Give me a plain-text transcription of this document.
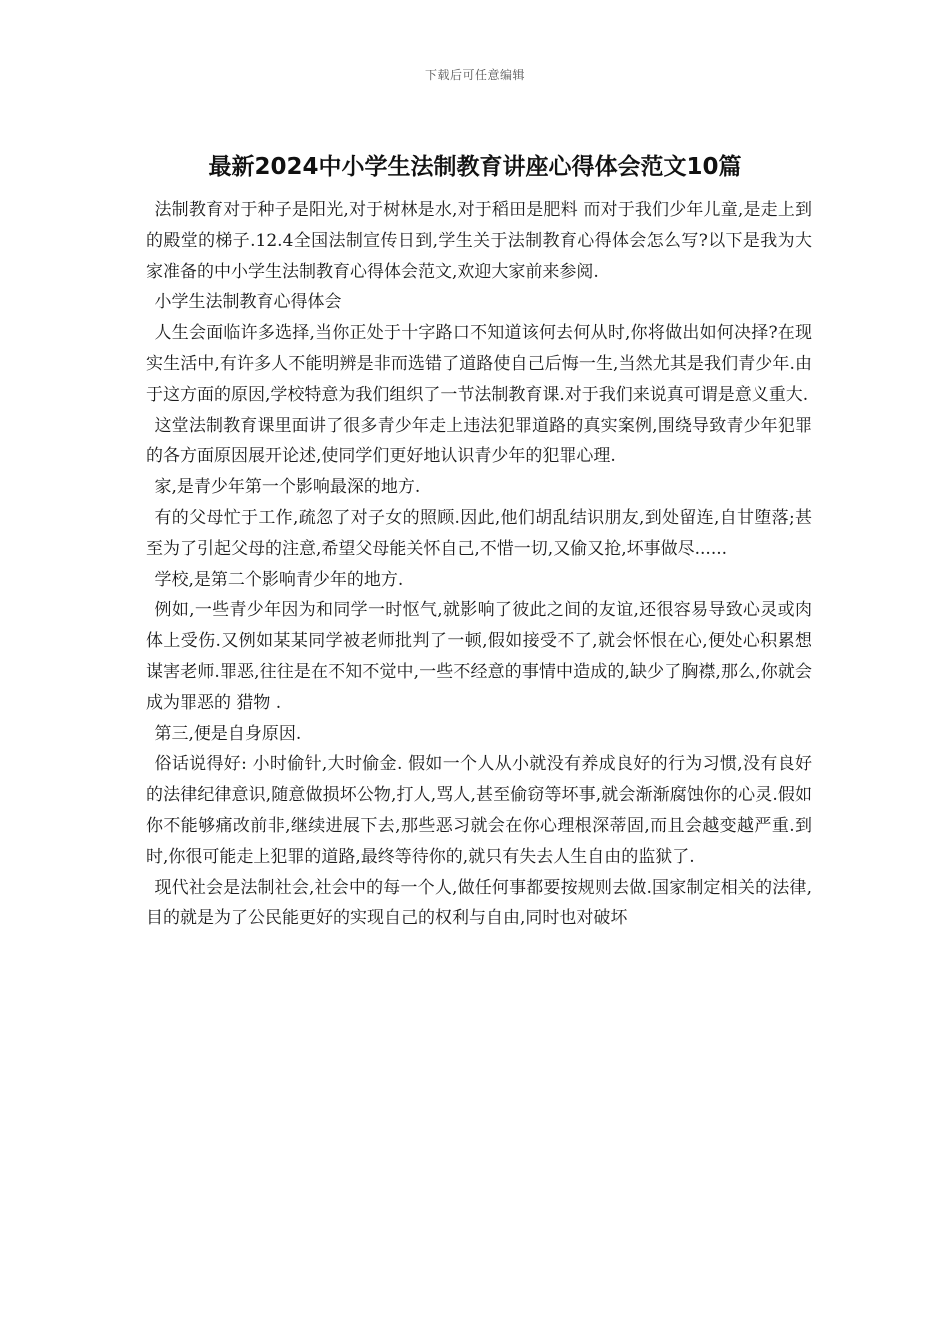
下载后可任意编辑
最新2024中小学生法制教育讲座心得体会范文10篇

法制教育对于种子是阳光,对于树林是水,对于稻田是肥料 而对于我们少年儿童,是走上到的殿堂的梯子.12.4全国法制宣传日到,学生关于法制教育心得体会怎么写?以下是我为大家准备的中小学生法制教育心得体会范文,欢迎大家前来参阅.

小学生法制教育心得体会

人生会面临许多选择,当你正处于十字路口不知道该何去何从时,你将做出如何决择?在现实生活中,有许多人不能明辨是非而选错了道路使自己后悔一生,当然尤其是我们青少年.由于这方面的原因,学校特意为我们组织了一节法制教育课.对于我们来说真可谓是意义重大.

这堂法制教育课里面讲了很多青少年走上违法犯罪道路的真实案例,围绕导致青少年犯罪的各方面原因展开论述,使同学们更好地认识青少年的犯罪心理.

家,是青少年第一个影响最深的地方.

有的父母忙于工作,疏忽了对子女的照顾.因此,他们胡乱结识朋友,到处留连,自甘堕落;甚至为了引起父母的注意,希望父母能关怀自己,不惜一切,又偷又抢,坏事做尽......

学校,是第二个影响青少年的地方.

例如,一些青少年因为和同学一时怄气,就影响了彼此之间的友谊,还很容易导致心灵或肉体上受伤.又例如某某同学被老师批判了一顿,假如接受不了,就会怀恨在心,便处心积累想谋害老师.罪恶,往往是在不知不觉中,一些不经意的事情中造成的,缺少了胸襟,那么,你就会成为罪恶的 猎物 .

第三,便是自身原因.

俗话说得好: 小时偷针,大时偷金. 假如一个人从小就没有养成良好的行为习惯,没有良好的法律纪律意识,随意做损坏公物,打人,骂人,甚至偷窃等坏事,就会渐渐腐蚀你的心灵.假如你不能够痛改前非,继续进展下去,那些恶习就会在你心理根深蒂固,而且会越变越严重.到时,你很可能走上犯罪的道路,最终等待你的,就只有失去人生自由的监狱了.

现代社会是法制社会,社会中的每一个人,做任何事都要按规则去做.国家制定相关的法律,目的就是为了公民能更好的实现自己的权利与自由,同时也对破坏
